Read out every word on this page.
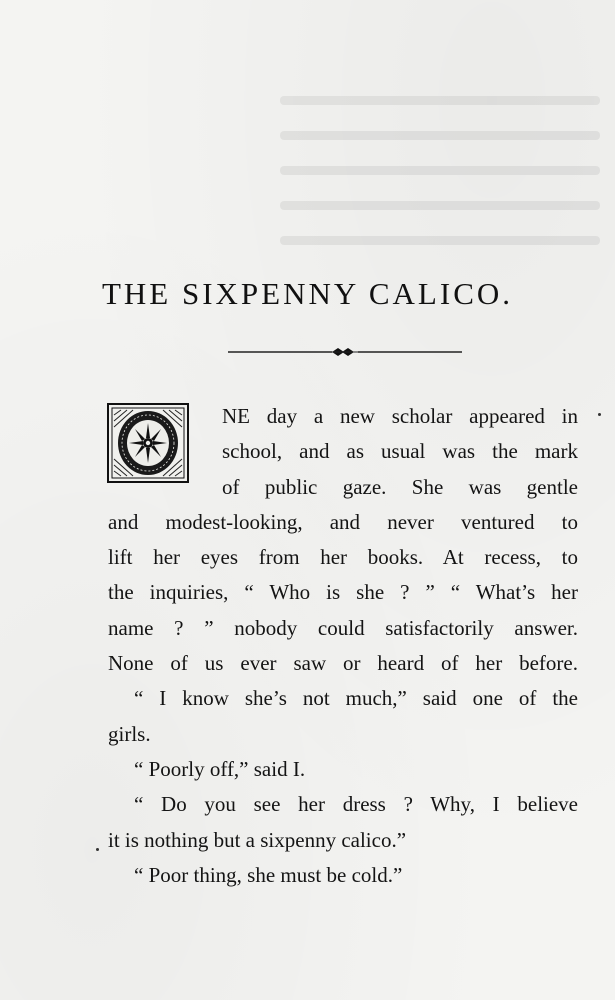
THE SIXPENNY CALICO.

NE day a new scholar appeared in
school, and as usual was the mark
of public gaze. She was gentle
and modest-looking, and never ventured to
lift her eyes from her books. At recess, to
the inquiries, “ Who is she ? ” “ What’s her
name ? ” nobody could satisfactorily answer.
None of us ever saw or heard of her before.

“ I know she’s not much,” said one of the
girls.

“ Poorly off,” said I.

“ Do you see her dress ? Why, I believe
it is nothing but a sixpenny calico.”

“ Poor thing, she must be cold.”
